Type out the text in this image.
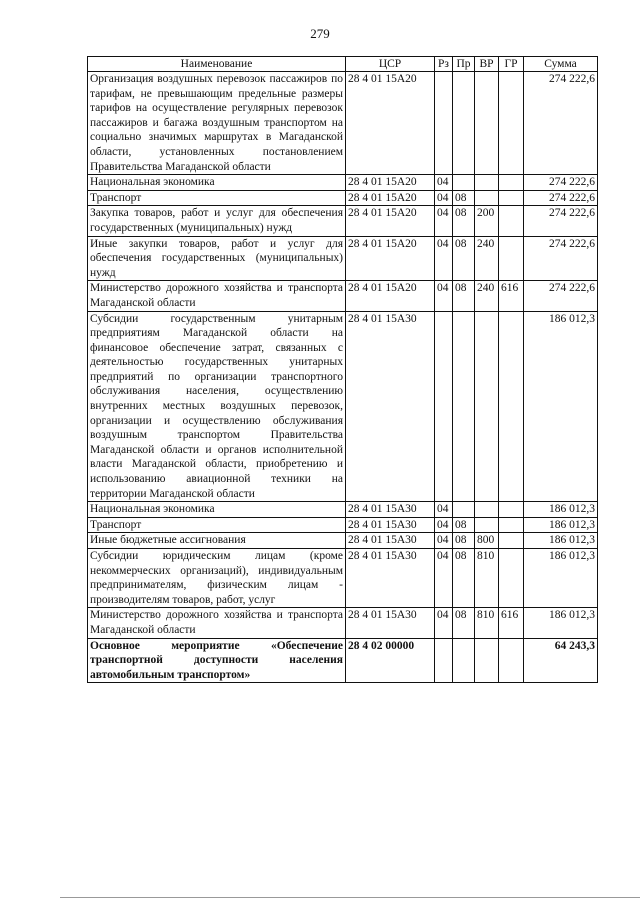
279
Наименование	ЦСР	Рз	Пр	ВР	ГР	Сумма
Организация воздушных перевозок пассажиров по тарифам, не превышающим предельные размеры тарифов на осуществление регулярных перевозок пассажиров и багажа воздушным транспортом на социально значимых маршрутах в Магаданской области, установленных постановлением Правительства Магаданской области	28 4 01 15А20					274 222,6
Национальная экономика	28 4 01 15А20	04				274 222,6
Транспорт	28 4 01 15А20	04	08			274 222,6
Закупка товаров, работ и услуг для обеспечения государственных (муниципальных) нужд	28 4 01 15А20	04	08	200		274 222,6
Иные закупки товаров, работ и услуг для обеспечения государственных (муниципальных) нужд	28 4 01 15А20	04	08	240		274 222,6
Министерство дорожного хозяйства и транспорта Магаданской области	28 4 01 15А20	04	08	240	616	274 222,6
Субсидии государственным унитарным предприятиям Магаданской области на финансовое обеспечение затрат, связанных с деятельностью государственных унитарных предприятий по организации транспортного обслуживания населения, осуществлению внутренних местных воздушных перевозок, организации и осуществлению обслуживания воздушным транспортом Правительства Магаданской области и органов исполнительной власти Магаданской области, приобретению и использованию авиационной техники на территории Магаданской области	28 4 01 15А30					186 012,3
Национальная экономика	28 4 01 15А30	04				186 012,3
Транспорт	28 4 01 15А30	04	08			186 012,3
Иные бюджетные ассигнования	28 4 01 15А30	04	08	800		186 012,3
Субсидии юридическим лицам (кроме некоммерческих организаций), индивидуальным предпринимателям, физическим лицам - производителям товаров, работ, услуг	28 4 01 15А30	04	08	810		186 012,3
Министерство дорожного хозяйства и транспорта Магаданской области	28 4 01 15А30	04	08	810	616	186 012,3
Основное мероприятие «Обеспечение транспортной доступности населения автомобильным транспортом»	28 4 02 00000					64 243,3
